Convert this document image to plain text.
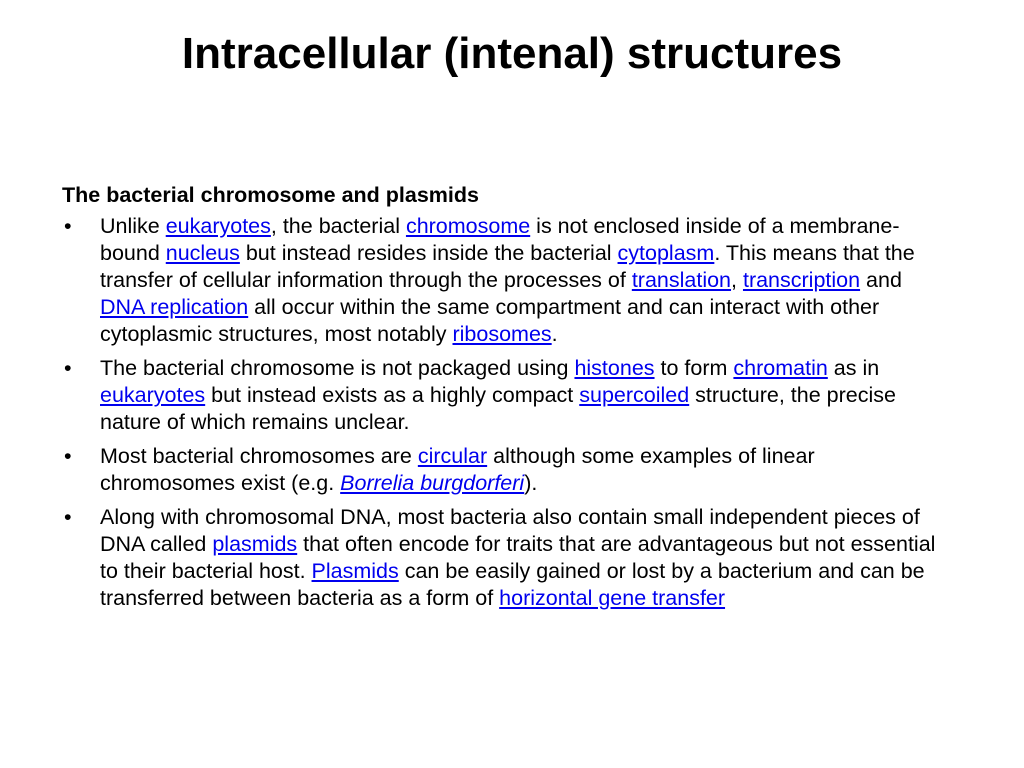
Intracellular (intenal) structures
The bacterial chromosome and plasmids
• Unlike eukaryotes, the bacterial chromosome is not enclosed inside of a membrane-bound nucleus but instead resides inside the bacterial cytoplasm. This means that the transfer of cellular information through the processes of translation, transcription and DNA replication all occur within the same compartment and can interact with other cytoplasmic structures, most notably ribosomes.
• The bacterial chromosome is not packaged using histones to form chromatin as in eukaryotes but instead exists as a highly compact supercoiled structure, the precise nature of which remains unclear.
• Most bacterial chromosomes are circular although some examples of linear chromosomes exist (e.g. Borrelia burgdorferi).
• Along with chromosomal DNA, most bacteria also contain small independent pieces of DNA called plasmids that often encode for traits that are advantageous but not essential to their bacterial host. Plasmids can be easily gained or lost by a bacterium and can be transferred between bacteria as a form of horizontal gene transfer
